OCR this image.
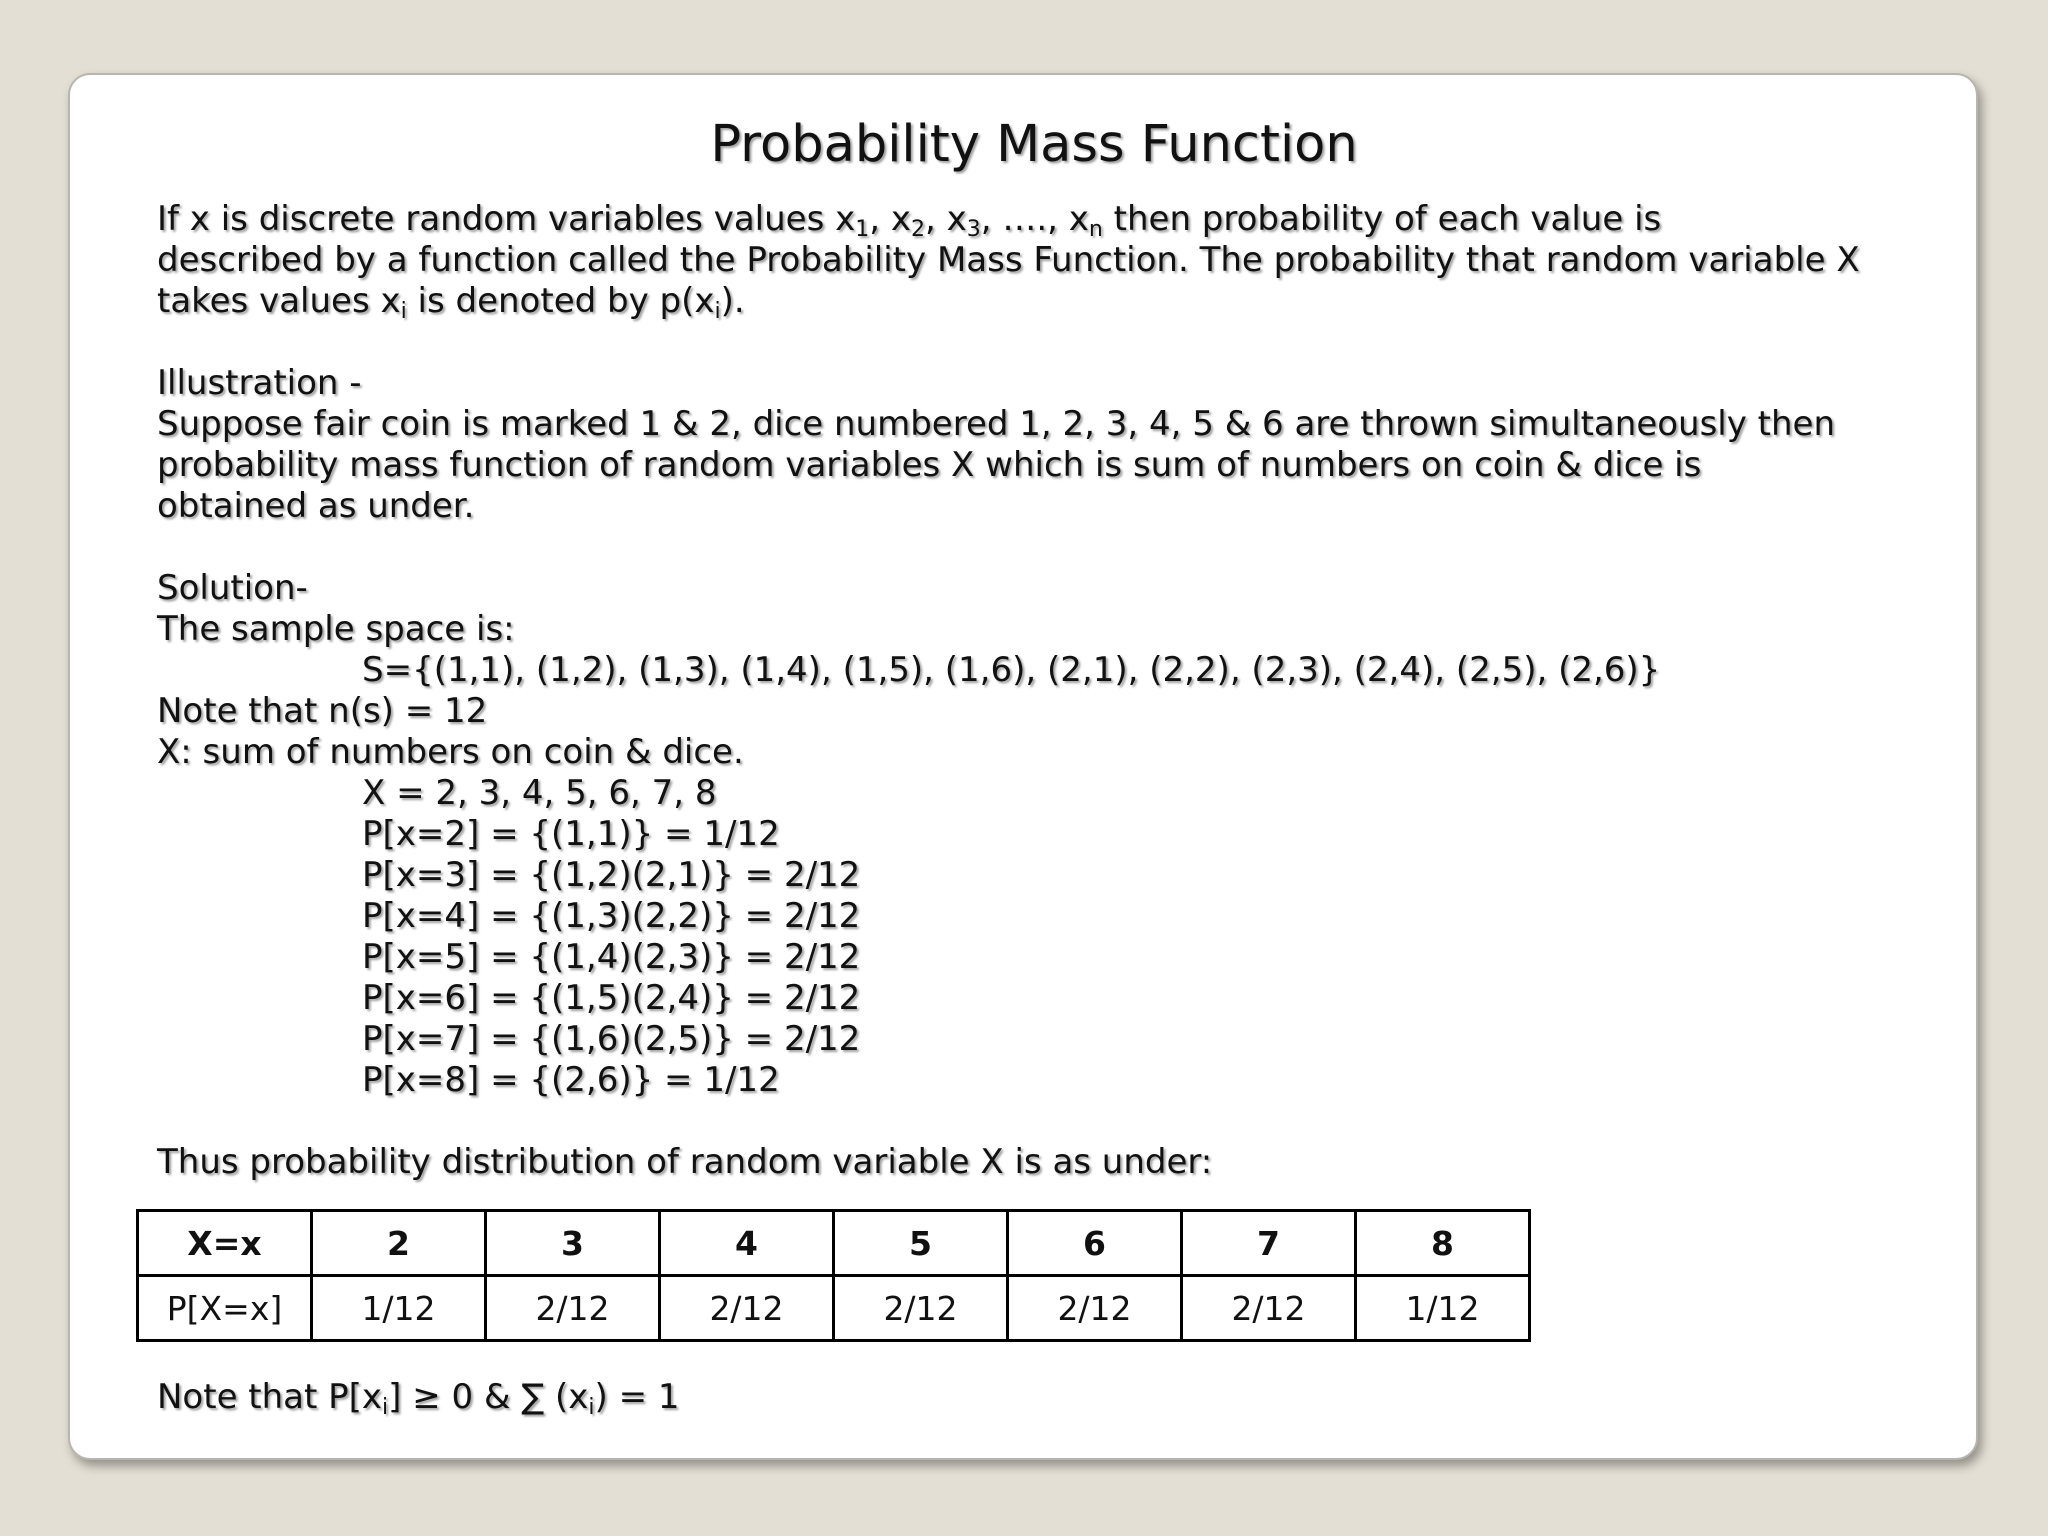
Probability Mass Function
If x is discrete random variables values $x_1$, $x_2$, $x_3$, …., $x_n$ then probability of each value is
described by a function called the Probability Mass Function. The probability that random variable X
takes values $x_i$ is denoted by $p(x_i)$.
Illustration -
Suppose fair coin is marked 1 & 2, dice numbered 1, 2, 3, 4, 5 & 6 are thrown simultaneously then
probability mass function of random variables X which is sum of numbers on coin & dice is
obtained as under.
Solution-
The sample space is:
S={(1,1), (1,2), (1,3), (1,4), (1,5), (1,6), (2,1), (2,2), (2,3), (2,4), (2,5), (2,6)}
Note that n(s) = 12
X: sum of numbers on coin & dice.
X = 2, 3, 4, 5, 6, 7, 8
P[x=2] = {(1,1)} = 1/12
P[x=3] = {(1,2)(2,1)} = 2/12
P[x=4] = {(1,3)(2,2)} = 2/12
P[x=5] = {(1,4)(2,3)} = 2/12
P[x=6] = {(1,5)(2,4)} = 2/12
P[x=7] = {(1,6)(2,5)} = 2/12
P[x=8] = {(2,6)} = 1/12
Thus probability distribution of random variable X is as under:
X=x	2	3	4	5	6	7	8
P[X=x]	1/12	2/12	2/12	2/12	2/12	2/12	1/12
Note that $P[x_i] \ge 0$ & ∑ $(x_i) = 1$
